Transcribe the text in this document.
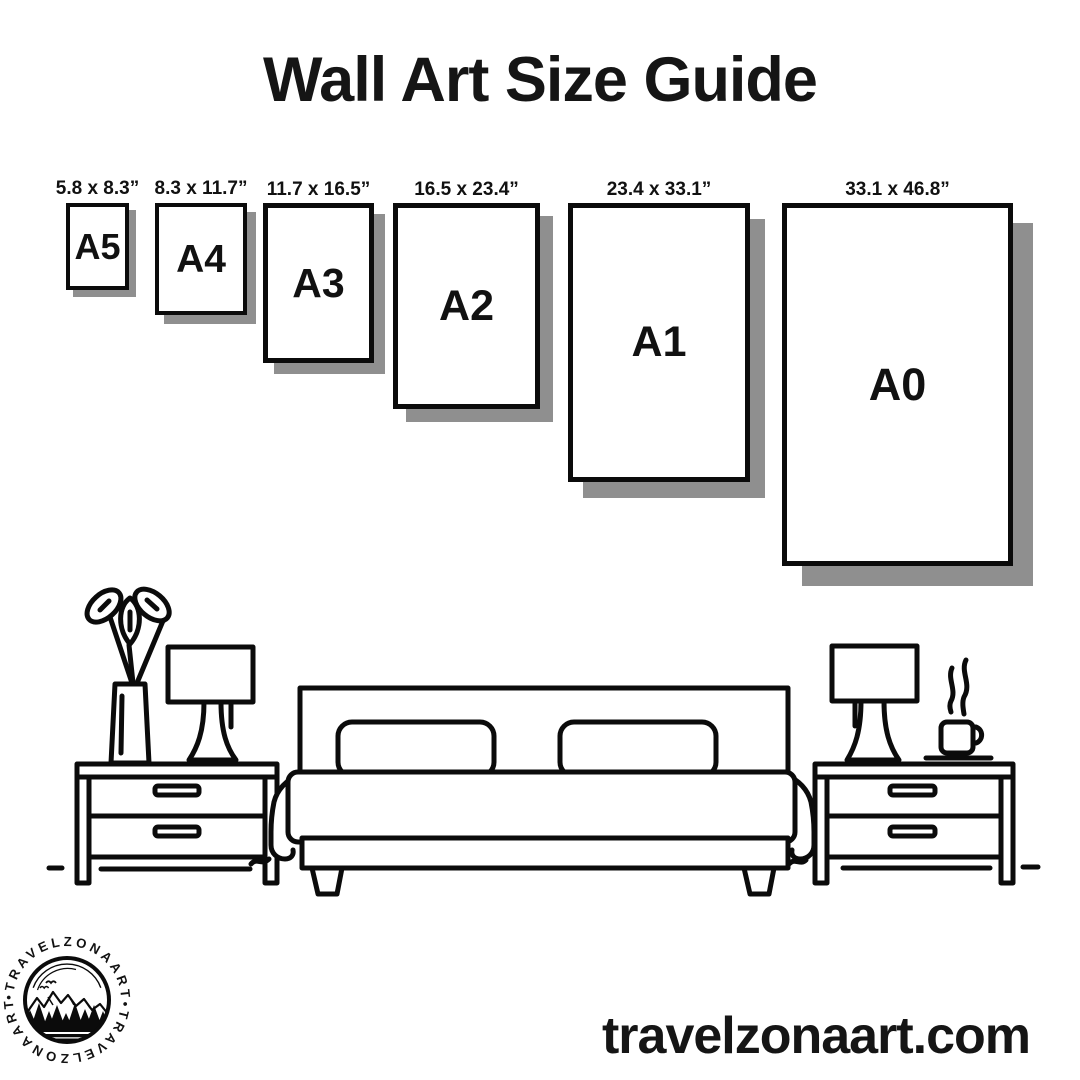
Wall Art Size Guide
5.8 x 8.3”
A5
8.3 x 11.7”
A4
11.7 x 16.5”
A3
16.5 x 23.4”
A2
23.4 x 33.1”
A1
33.1 x 46.8”
A0
•TRAVELZONAART•TRAVELZONAART
travelzonaart.com
